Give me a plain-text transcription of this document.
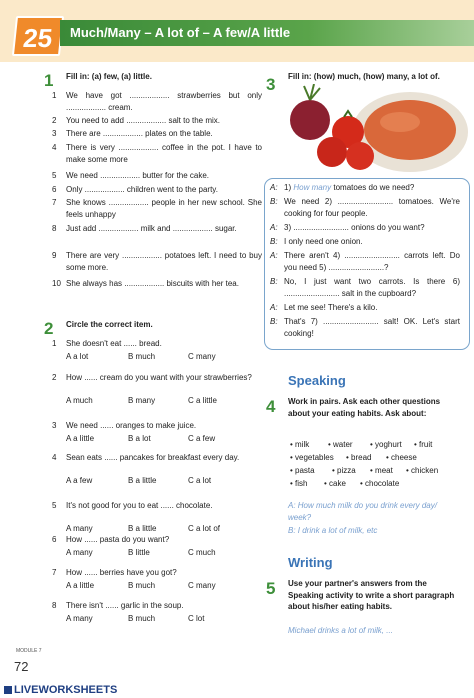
25	Much/Many – A lot of – A few/A little
1 Fill in: (a) few, (a) little.
1	We have got .................. strawberries but only .................. cream.
2	You need to add .................. salt to the mix.
3	There are .................. plates on the table.
4	There is very .................. coffee in the pot. I have to make some more
5	We need .................. butter for the cake.
6	Only .................. children went to the party.
7	She knows .................. people in her new school. She feels unhappy
8	Just add .................. milk and .................. sugar.
9	There are very .................. potatoes left. I need to buy some more.
10 She always has .................. biscuits with her tea.
2 Circle the correct item.
1	She doesn't eat ...... bread.
A a lot	B much	C many
2	How ...... cream do you want with your strawberries?
A much	B many	C a little
3	We need ...... oranges to make juice.
A a little	B a lot	C a few
4	Sean eats ...... pancakes for breakfast every day.
A a few	B a little	C a lot
5	It's not good for you to eat ...... chocolate.
A many	B a little	C a lot of
6	How ...... pasta do you want?
A many	B little	C much
7	How ...... berries have you got?
A a little	B much	C many
8	There isn't ...... garlic in the soup.
A many	B much	C lot
3 Fill in: (how) much, (how) many, a lot of.
A: 1) How many tomatoes do we need?
B: We need 2) ......................... tomatoes. We're cooking for four people.
A: 3) ......................... onions do you want?
B: I only need one onion.
A: There aren't 4) ......................... carrots left. Do you need 5) .........................?
B: No, I just want two carrots. Is there 6) ......................... salt in the cupboard?
A: Let me see! There's a kilo.
B: That's 7) ......................... salt! OK. Let's start cooking!
Speaking
4 Work in pairs. Ask each other questions about your eating habits. Ask about:
• milk • water • yoghurt • fruit
• vegetables • bread • cheese
• pasta • pizza • meat • chicken
• fish • cake • chocolate
A: How much milk do you drink every day/ week?
B: I drink a lot of milk, etc
Writing
5 Use your partner's answers from the Speaking activity to write a short paragraph about his/her eating habits.
Michael drinks a lot of milk, ...
MODULE 7
72
LIVEWORKSHEETS
